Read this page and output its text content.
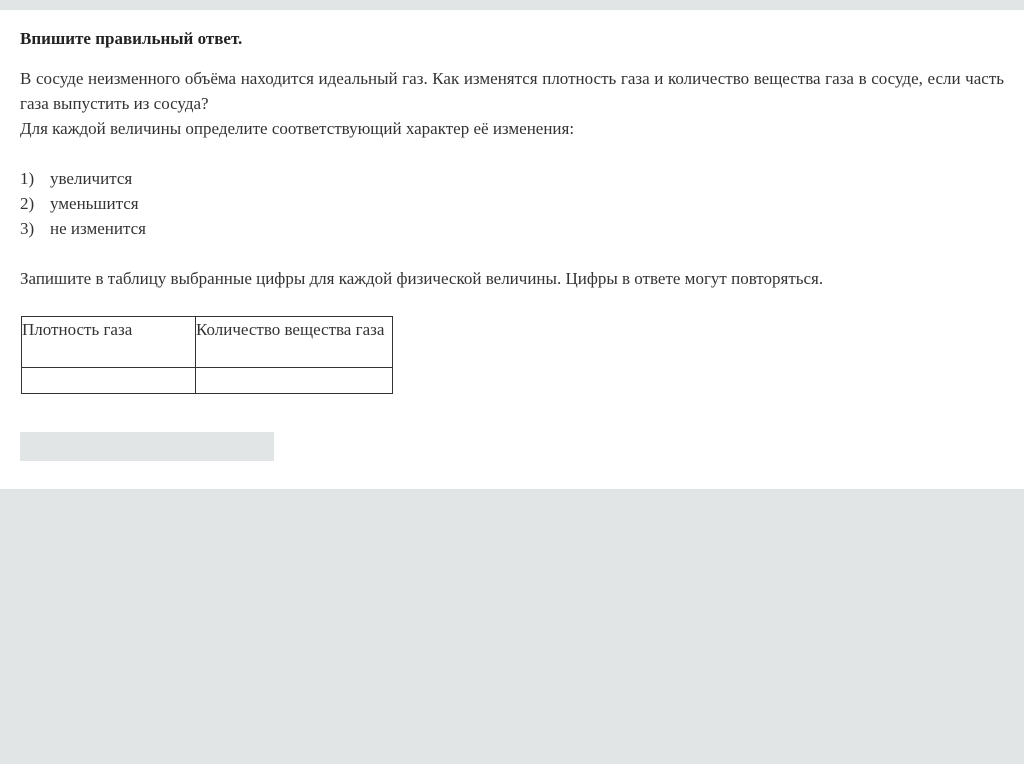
Впишите правильный ответ.

В сосуде неизменного объёма находится идеальный газ. Как изменятся плотность газа и количество вещества газа в сосуде, если часть газа выпустить из сосуда?

Для каждой величины определите соответствующий характер её изменения:

1) увеличится
2) уменьшится
3) не изменится

Запишите в таблицу выбранные цифры для каждой физической величины. Цифры в ответе могут повторяться.

Плотность газа	Количество вещества газа
